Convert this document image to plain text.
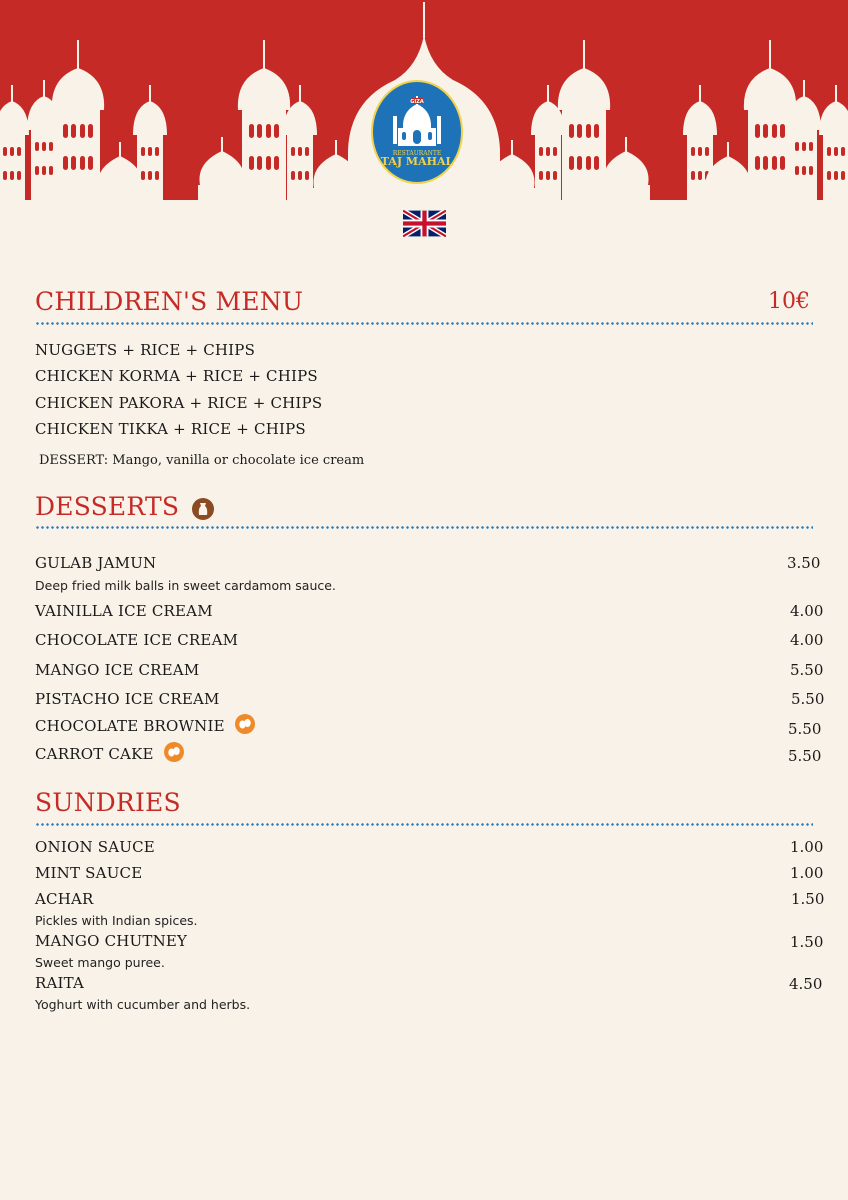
GIZA
RESTAURANTE
TAJ MAHAL
CHILDREN'S MENU	10€
NUGGETS + RICE + CHIPS
CHICKEN KORMA + RICE + CHIPS
CHICKEN PAKORA + RICE + CHIPS
CHICKEN TIKKA + RICE + CHIPS
DESSERT: Mango, vanilla or chocolate ice cream
DESSERTS
GULAB JAMUN	3.50
Deep fried milk balls in sweet cardamom sauce.
VAINILLA ICE CREAM	4.00
CHOCOLATE ICE CREAM	4.00
MANGO ICE CREAM	5.50
PISTACHO ICE CREAM	5.50
CHOCOLATE BROWNIE	5.50
CARROT CAKE	5.50
SUNDRIES
ONION SAUCE	1.00
MINT SAUCE	1.00
ACHAR	1.50
Pickles with Indian spices.
MANGO CHUTNEY	1.50
Sweet mango puree.
RAITA	4.50
Yoghurt with cucumber and herbs.
